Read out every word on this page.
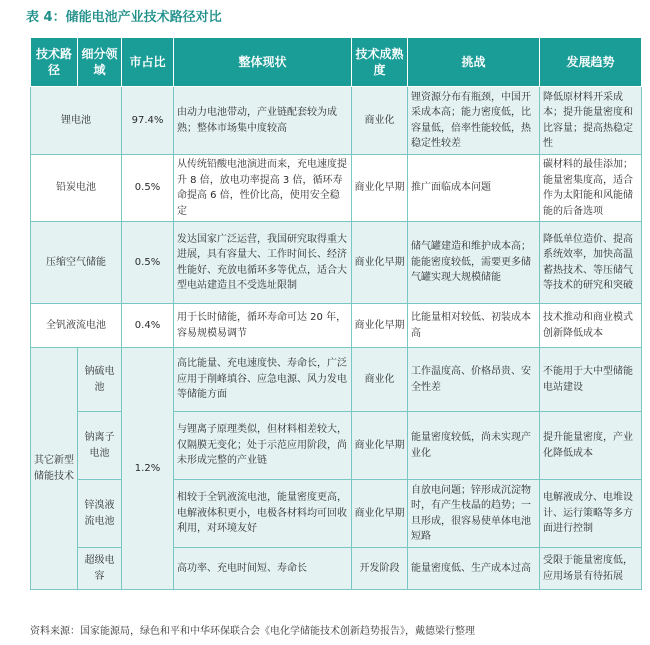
表 4：储能电池产业技术路径对比
技术路径	细分领域	市占比	整体现状	技术成熟度	挑战	发展趋势
锂电池		97.4%	由动力电池带动，产业链配套较为成熟；整体市场集中度较高	商业化	锂资源分布有瓶颈，中国开采成本高；能力密度低，比容量低，倍率性能较低，热稳定性较差	降低原材料开采成本；提升能量密度和比容量；提高热稳定性
铅炭电池		0.5%	从传统铅酸电池演进而来，充电速度提升 8 倍，放电功率提高 3 倍，循环寿命提高 6 倍，性价比高，使用安全稳定	商业化早期	推广面临成本问题	碳材料的最佳添加；能量密集度高，适合作为太阳能和风能储能的后备选项
压缩空气储能		0.5%	发达国家广泛运营，我国研究取得重大进展，具有容量大、工作时间长、经济性能好、充放电循环多等优点，适合大型电站建造且不受选址限制	商业化早期	储气罐建造和维护成本高；能能密度较低，需要更多储气罐实现大规模储能	降低单位造价、提高系统效率，加快高温蓄热技术、等压储气等技术的研究和突破
全钒液流电池		0.4%	用于长时储能，循环寿命可达 20 年，容易规模易调节	商业化早期	比能量相对较低、初装成本高	技术推动和商业模式创新降低成本
其它新型储能技术	钠硫电池	1.2%	高比能量、充电速度快、寿命长，广泛应用于削峰填谷、应急电源、风力发电等储能方面	商业化	工作温度高、价格昂贵、安全性差	不能用于大中型储能电站建设
	钠离子电池		与锂离子原理类似，但材料相差较大，仅隔膜无变化；处于示范应用阶段，尚未形成完整的产业链	商业化早期	能量密度较低，尚未实现产业化	提升能量密度，产业化降低成本
	锌溴液流电池		相较于全钒液流电池，能量密度更高，电解液体积更小，电极各材料均可回收利用，对环境友好	商业化早期	自放电问题；锌形成沉淀物时，有产生枝晶的趋势；一旦形成，很容易使单体电池短路	电解液成分、电堆设计、运行策略等多方面进行控制
	超级电容		高功率、充电时间短、寿命长	开发阶段	能量密度低、生产成本过高	受限于能量密度低，应用场景有待拓展
资料来源：国家能源局，绿色和平和中华环保联合会《电化学储能技术创新趋势报告》，戴德梁行整理
